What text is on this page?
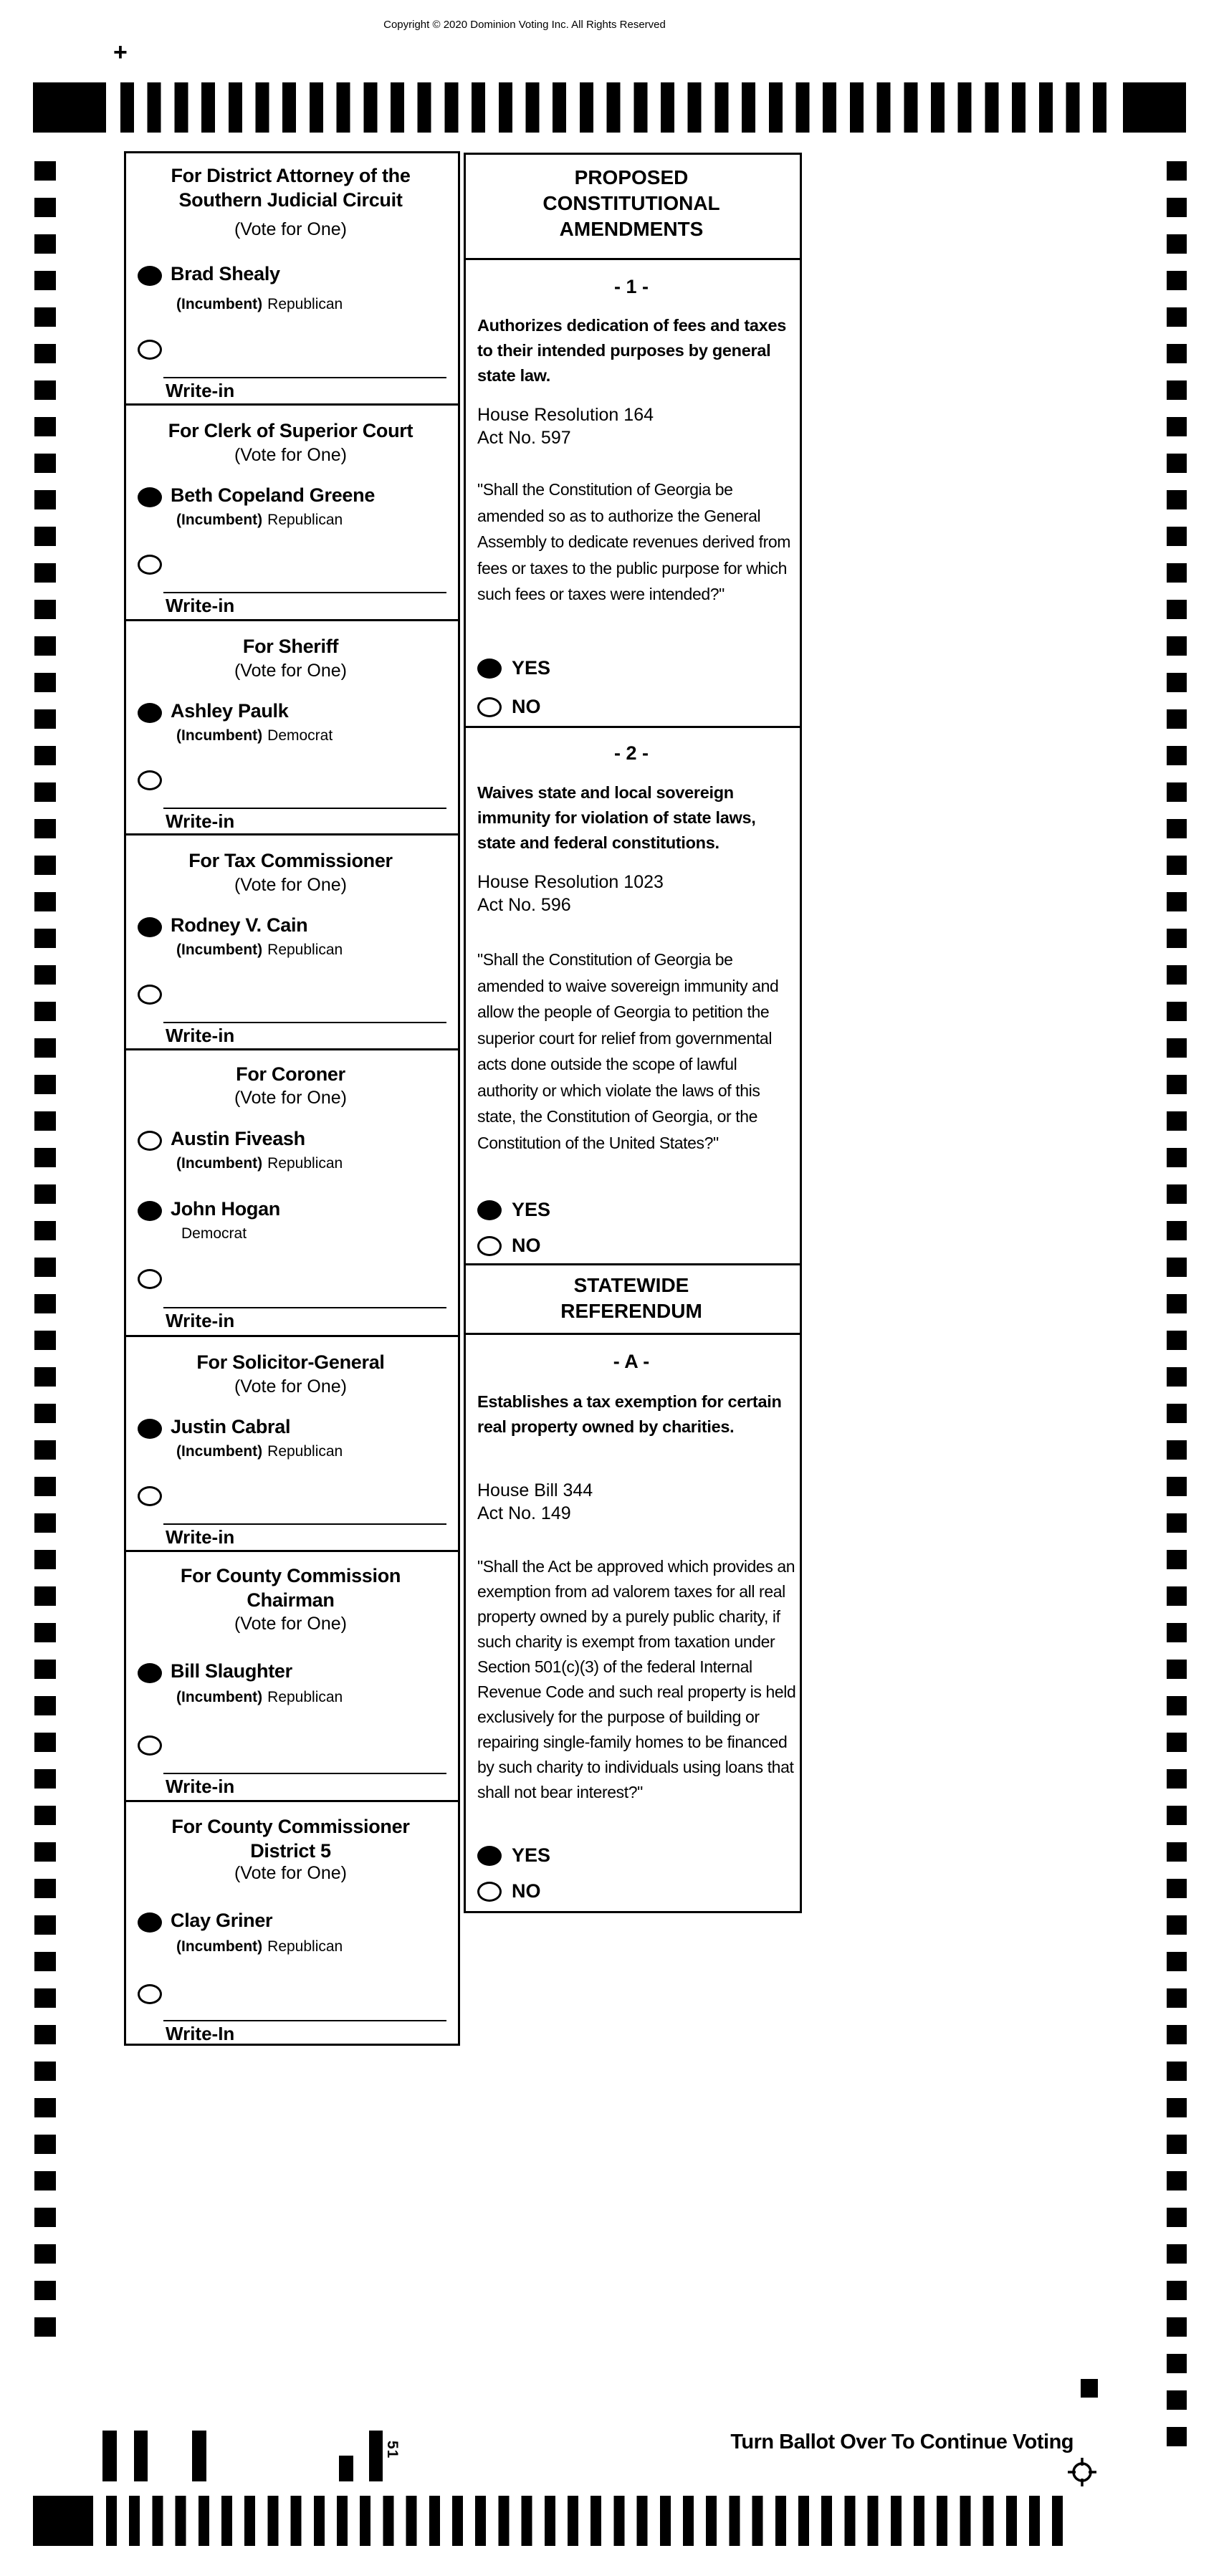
Copyright © 2020 Dominion Voting Inc. All Rights Reserved
+
For District Attorney of the
Southern Judicial Circuit
(Vote for One)
Brad Shealy
(Incumbent) Republican
Write-in
For Clerk of Superior Court
(Vote for One)
Beth Copeland Greene
(Incumbent) Republican
Write-in
For Sheriff
(Vote for One)
Ashley Paulk
(Incumbent) Democrat
Write-in
For Tax Commissioner
(Vote for One)
Rodney V. Cain
(Incumbent) Republican
Write-in
For Coroner
(Vote for One)
Austin Fiveash
(Incumbent) Republican
John Hogan
Democrat
Write-in
For Solicitor-General
(Vote for One)
Justin Cabral
(Incumbent) Republican
Write-in
For County Commission
Chairman
(Vote for One)
Bill Slaughter
(Incumbent) Republican
Write-in
For County Commissioner
District 5
(Vote for One)
Clay Griner
(Incumbent) Republican
Write-In
PROPOSED
CONSTITUTIONAL
AMENDMENTS
- 1 -
Authorizes dedication of fees and taxes to their intended purposes by general state law.
House Resolution 164
Act No. 597
"Shall the Constitution of Georgia be amended so as to authorize the General Assembly to dedicate revenues derived from fees or taxes to the public purpose for which such fees or taxes were intended?"
YES
NO
- 2 -
Waives state and local sovereign immunity for violation of state laws, state and federal constitutions.
House Resolution 1023
Act No. 596
"Shall the Constitution of Georgia be amended to waive sovereign immunity and allow the people of Georgia to petition the superior court for relief from governmental acts done outside the scope of lawful authority or which violate the laws of this state, the Constitution of Georgia, or the Constitution of the United States?"
YES
NO
STATEWIDE
REFERENDUM
- A -
Establishes a tax exemption for certain real property owned by charities.
House Bill 344
Act No. 149
"Shall the Act be approved which provides an exemption from ad valorem taxes for all real property owned by a purely public charity, if such charity is exempt from taxation under Section 501(c)(3) of the federal Internal Revenue Code and such real property is held exclusively for the purpose of building or repairing single-family homes to be financed by such charity to individuals using loans that shall not bear interest?"
YES
NO
51	Turn Ballot Over To Continue Voting
